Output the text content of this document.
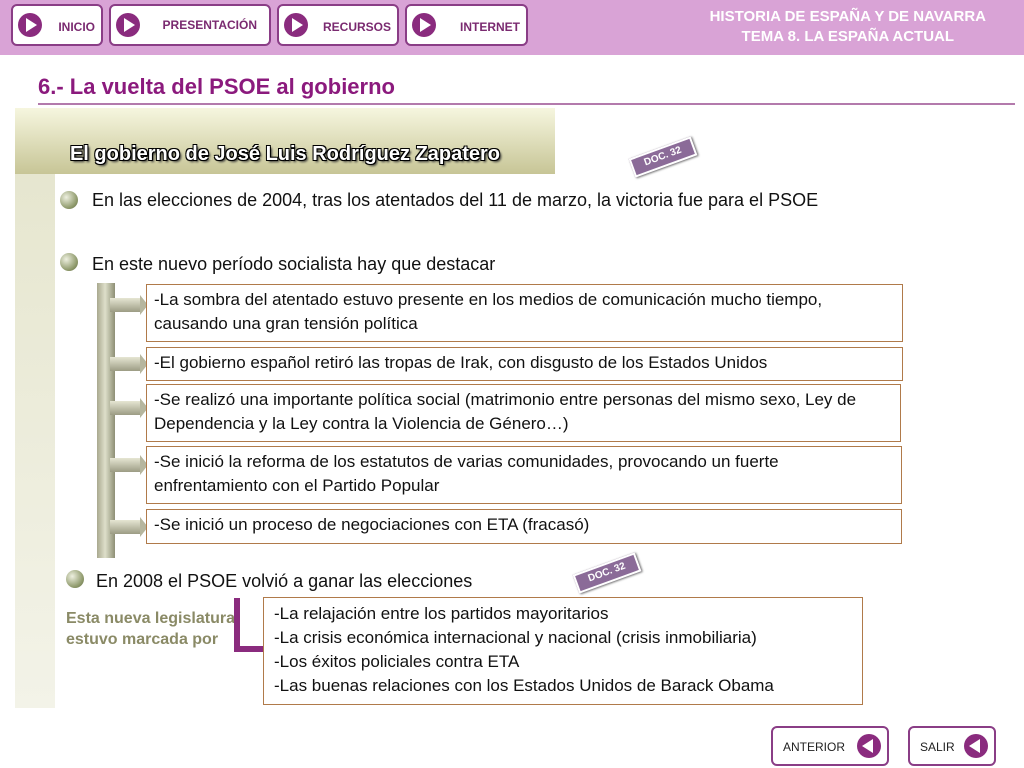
INICIO	PRESENTACIÓN	RECURSOS	INTERNET
HISTORIA DE ESPAÑA Y DE NAVARRA
TEMA 8. LA ESPAÑA ACTUAL
6.- La vuelta del PSOE al gobierno
El gobierno de José Luis Rodríguez Zapatero	DOC. 32
En las elecciones de 2004, tras los atentados del 11 de marzo, la victoria fue para el PSOE
En este nuevo período socialista hay que destacar
-La sombra del atentado estuvo presente en los medios de comunicación mucho tiempo, causando una gran tensión política
-El gobierno español retiró las tropas de Irak, con disgusto de los Estados Unidos
-Se realizó una importante política social (matrimonio entre personas del mismo sexo, Ley de Dependencia y la Ley contra la Violencia de Género…)
-Se inició la reforma de los estatutos de varias comunidades, provocando un fuerte enfrentamiento con el Partido Popular
-Se inició un proceso de negociaciones con ETA (fracasó)
En 2008 el PSOE volvió a ganar las elecciones	DOC. 32
Esta nueva legislatura estuvo marcada por
-La relajación entre los partidos mayoritarios
-La crisis económica internacional y nacional (crisis inmobiliaria)
-Los éxitos policiales contra ETA
-Las buenas relaciones con los Estados Unidos de Barack Obama
ANTERIOR	SALIR
